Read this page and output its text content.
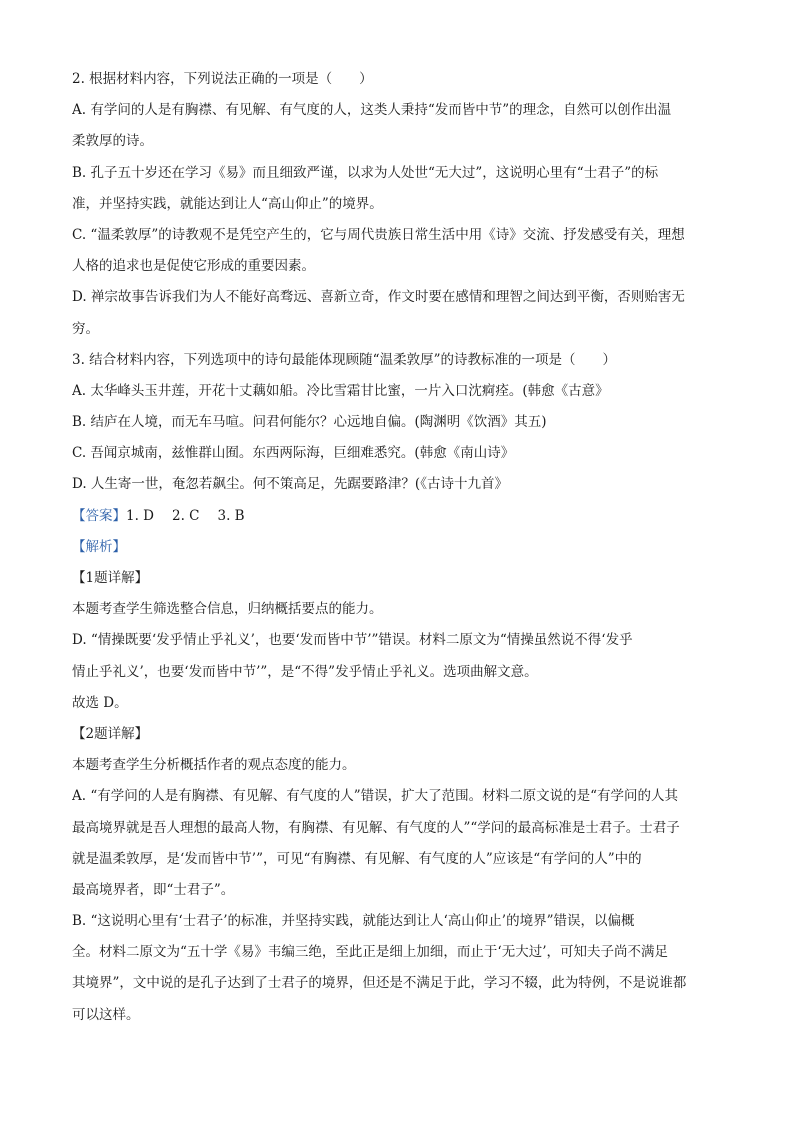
2. 根据材料内容，下列说法正确的一项是（　　）
A. 有学问的人是有胸襟、有见解、有气度的人，这类人秉持“发而皆中节”的理念，自然可以创作出温
柔敦厚的诗。
B. 孔子五十岁还在学习《易》而且细致严谨，以求为人处世“无大过”，这说明心里有“士君子”的标
准，并坚持实践，就能达到让人“高山仰止”的境界。
C. “温柔敦厚”的诗教观不是凭空产生的，它与周代贵族日常生活中用《诗》交流、抒发感受有关，理想
人格的追求也是促使它形成的重要因素。
D. 禅宗故事告诉我们为人不能好高骛远、喜新立奇，作文时要在感情和理智之间达到平衡，否则贻害无
穷。
3. 结合材料内容，下列选项中的诗句最能体现顾随“温柔敦厚”的诗教标准的一项是（　　）
A. 太华峰头玉井莲，开花十丈藕如船。冷比雪霜甘比蜜，一片入口沈痾痊。(韩愈《古意》
B. 结庐在人境，而无车马喧。问君何能尔？心远地自偏。(陶渊明《饮酒》其五)
C. 吾闻京城南，兹惟群山囿。东西两际海，巨细难悉究。(韩愈《南山诗》
D. 人生寄一世，奄忽若飙尘。何不策高足，先踞要路津？(《古诗十九首》
【答案】1. D 2. C 3. B
【解析】
【1题详解】
本题考查学生筛选整合信息，归纳概括要点的能力。
D. “情操既要‘发乎情止乎礼义’，也要‘发而皆中节’”错误。材料二原文为“情操虽然说不得‘发乎
情止乎礼义’，也要‘发而皆中节’”，是“不得”发乎情止乎礼义。选项曲解文意。
故选 D。
【2题详解】
本题考查学生分析概括作者的观点态度的能力。
A. “有学问的人是有胸襟、有见解、有气度的人”错误，扩大了范围。材料二原文说的是“有学问的人其
最高境界就是吾人理想的最高人物，有胸襟、有见解、有气度的人”“学问的最高标准是士君子。士君子
就是温柔敦厚，是‘发而皆中节’”，可见“有胸襟、有见解、有气度的人”应该是“有学问的人”中的
最高境界者，即“士君子”。
B. “这说明心里有‘士君子’的标准，并坚持实践，就能达到让人‘高山仰止’的境界”错误，以偏概
全。材料二原文为“五十学《易》韦编三绝，至此正是细上加细，而止于‘无大过’，可知夫子尚不满足
其境界”，文中说的是孔子达到了士君子的境界，但还是不满足于此，学习不辍，此为特例，不是说谁都
可以这样。
